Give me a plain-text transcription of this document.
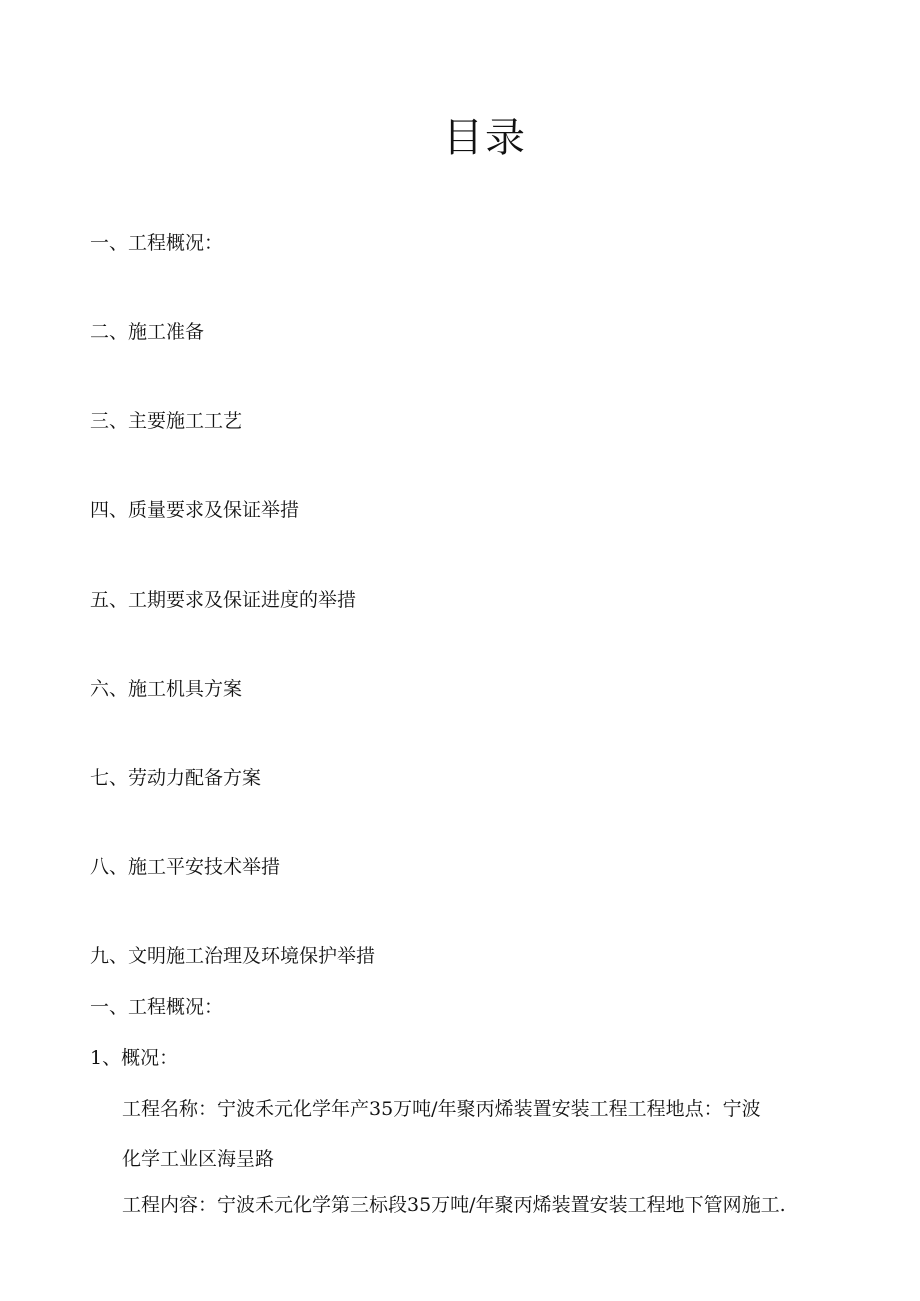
目录
一、工程概况：
二、施工准备
三、主要施工工艺
四、质量要求及保证举措
五、工期要求及保证进度的举措
六、施工机具方案
七、劳动力配备方案
八、施工平安技术举措
九、文明施工治理及环境保护举措
一、工程概况：
1、概况：
工程名称：宁波禾元化学年产35万吨/年聚丙烯装置安装工程工程地点：宁波
化学工业区海呈路
工程内容：宁波禾元化学第三标段35万吨/年聚丙烯装置安装工程地下管网施工.
